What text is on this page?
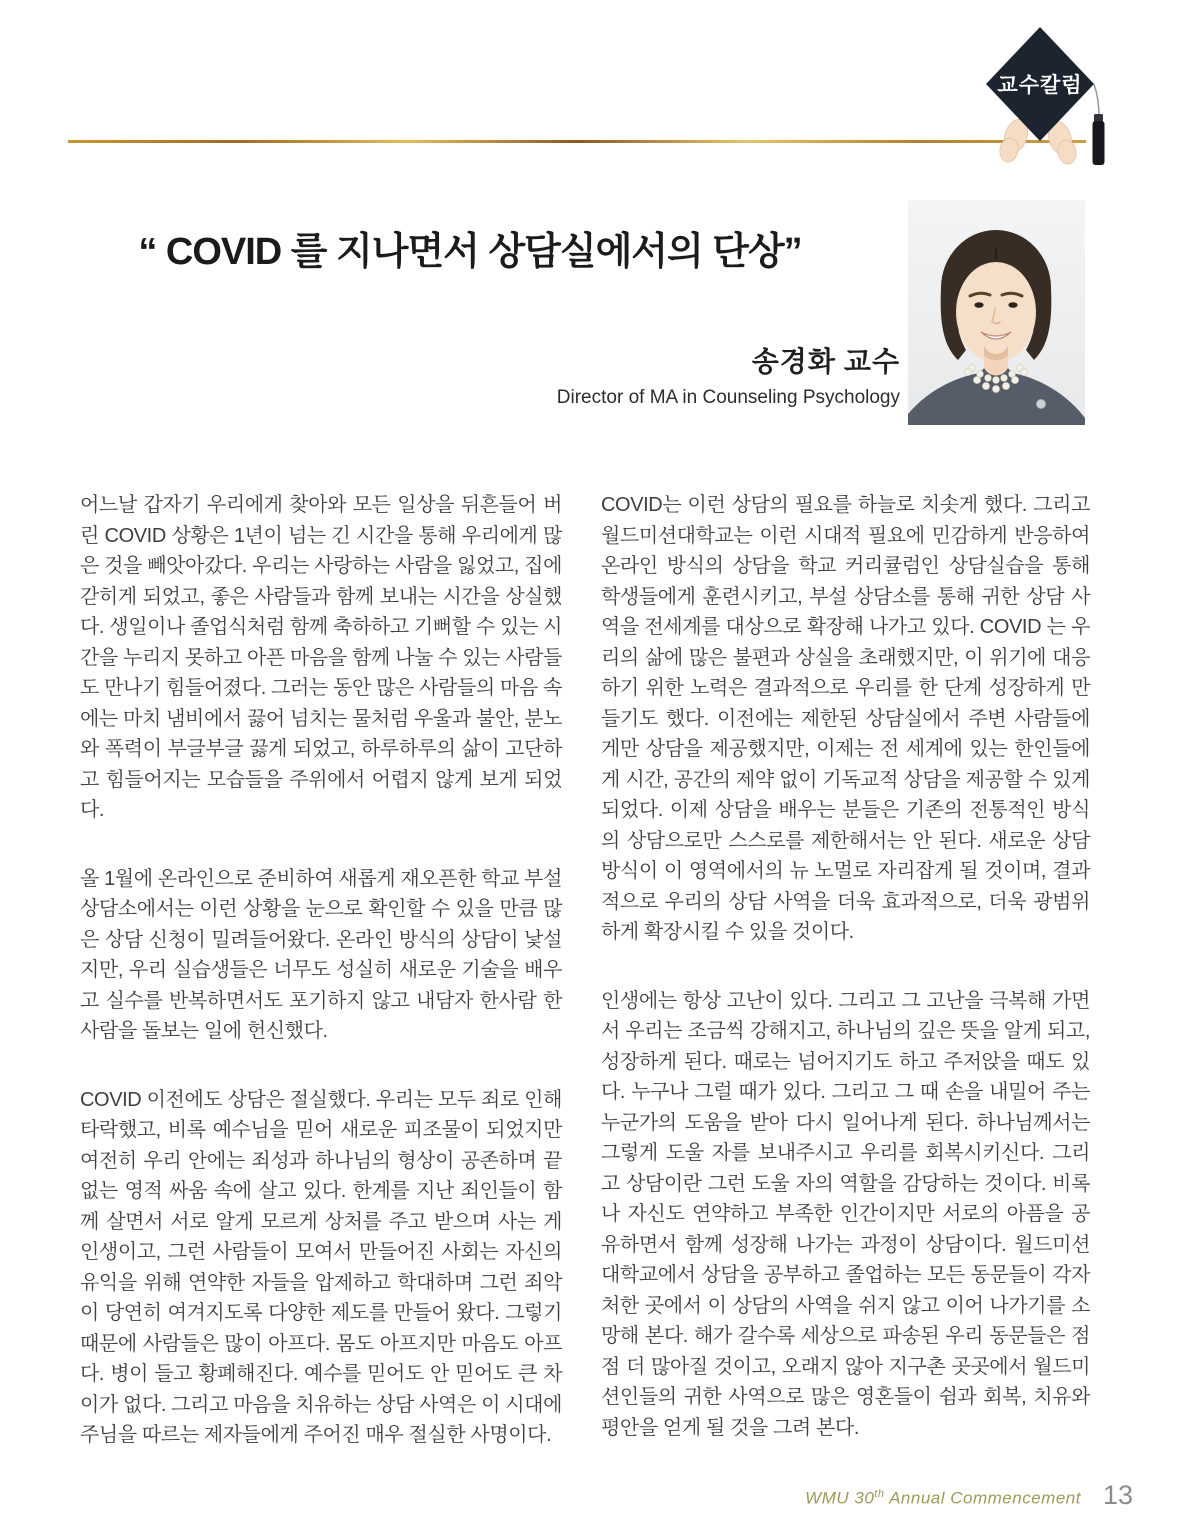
교수칼럼
“ COVID 를 지나면서 상담실에서의 단상”
송경화 교수
Director of MA in Counseling Psychology

어느날 갑자기 우리에게 찾아와 모든 일상을 뒤흔들어 버린 COVID 상황은 1년이 넘는 긴 시간을 통해 우리에게 많은 것을 빼앗아갔다. 우리는 사랑하는 사람을 잃었고, 집에 갇히게 되었고, 좋은 사람들과 함께 보내는 시간을 상실했다. 생일이나 졸업식처럼 함께 축하하고 기뻐할 수 있는 시간을 누리지 못하고 아픈 마음을 함께 나눌 수 있는 사람들도 만나기 힘들어졌다. 그러는 동안 많은 사람들의 마음 속에는 마치 냄비에서 끓어 넘치는 물처럼 우울과 불안, 분노와 폭력이 부글부글 끓게 되었고, 하루하루의 삶이 고단하고 힘들어지는 모습들을 주위에서 어렵지 않게 보게 되었다.

올 1월에 온라인으로 준비하여 새롭게 재오픈한 학교 부설 상담소에서는 이런 상황을 눈으로 확인할 수 있을 만큼 많은 상담 신청이 밀려들어왔다. 온라인 방식의 상담이 낯설지만, 우리 실습생들은 너무도 성실히 새로운 기술을 배우고 실수를 반복하면서도 포기하지 않고 내담자 한사람 한사람을 돌보는 일에 헌신했다.

COVID 이전에도 상담은 절실했다. 우리는 모두 죄로 인해 타락했고, 비록 예수님을 믿어 새로운 피조물이 되었지만 여전히 우리 안에는 죄성과 하나님의 형상이 공존하며 끝없는 영적 싸움 속에 살고 있다. 한계를 지난 죄인들이 함께 살면서 서로 알게 모르게 상처를 주고 받으며 사는 게 인생이고, 그런 사람들이 모여서 만들어진 사회는 자신의 유익을 위해 연약한 자들을 압제하고 학대하며 그런 죄악이 당연히 여겨지도록 다양한 제도를 만들어 왔다. 그렇기 때문에 사람들은 많이 아프다. 몸도 아프지만 마음도 아프다. 병이 들고 황폐해진다. 예수를 믿어도 안 믿어도 큰 차이가 없다. 그리고 마음을 치유하는 상담 사역은 이 시대에 주님을 따르는 제자들에게 주어진 매우 절실한 사명이다.

COVID는 이런 상담의 필요를 하늘로 치솟게 했다. 그리고 월드미션대학교는 이런 시대적 필요에 민감하게 반응하여 온라인 방식의 상담을 학교 커리큘럼인 상담실습을 통해 학생들에게 훈련시키고, 부설 상담소를 통해 귀한 상담 사역을 전세계를 대상으로 확장해 나가고 있다. COVID 는 우리의 삶에 많은 불편과 상실을 초래했지만, 이 위기에 대응하기 위한 노력은 결과적으로 우리를 한 단계 성장하게 만들기도 했다. 이전에는 제한된 상담실에서 주변 사람들에게만 상담을 제공했지만, 이제는 전 세계에 있는 한인들에게 시간, 공간의 제약 없이 기독교적 상담을 제공할 수 있게 되었다. 이제 상담을 배우는 분들은 기존의 전통적인 방식의 상담으로만 스스로를 제한해서는 안 된다. 새로운 상담 방식이 이 영역에서의 뉴 노멀로 자리잡게 될 것이며, 결과적으로 우리의 상담 사역을 더욱 효과적으로, 더욱 광범위하게 확장시킬 수 있을 것이다.

인생에는 항상 고난이 있다. 그리고 그 고난을 극복해 가면서 우리는 조금씩 강해지고, 하나님의 깊은 뜻을 알게 되고, 성장하게 된다. 때로는 넘어지기도 하고 주저앉을 때도 있다. 누구나 그럴 때가 있다. 그리고 그 때 손을 내밀어 주는 누군가의 도움을 받아 다시 일어나게 된다. 하나님께서는 그렇게 도울 자를 보내주시고 우리를 회복시키신다. 그리고 상담이란 그런 도울 자의 역할을 감당하는 것이다. 비록 나 자신도 연약하고 부족한 인간이지만 서로의 아픔을 공유하면서 함께 성장해 나가는 과정이 상담이다. 월드미션대학교에서 상담을 공부하고 졸업하는 모든 동문들이 각자 처한 곳에서 이 상담의 사역을 쉬지 않고 이어 나가기를 소망해 본다. 해가 갈수록 세상으로 파송된 우리 동문들은 점점 더 많아질 것이고, 오래지 않아 지구촌 곳곳에서 월드미션인들의 귀한 사역으로 많은 영혼들이 쉼과 회복, 치유와 평안을 얻게 될 것을 그려 본다.

WMU 30th Annual Commencement 13
